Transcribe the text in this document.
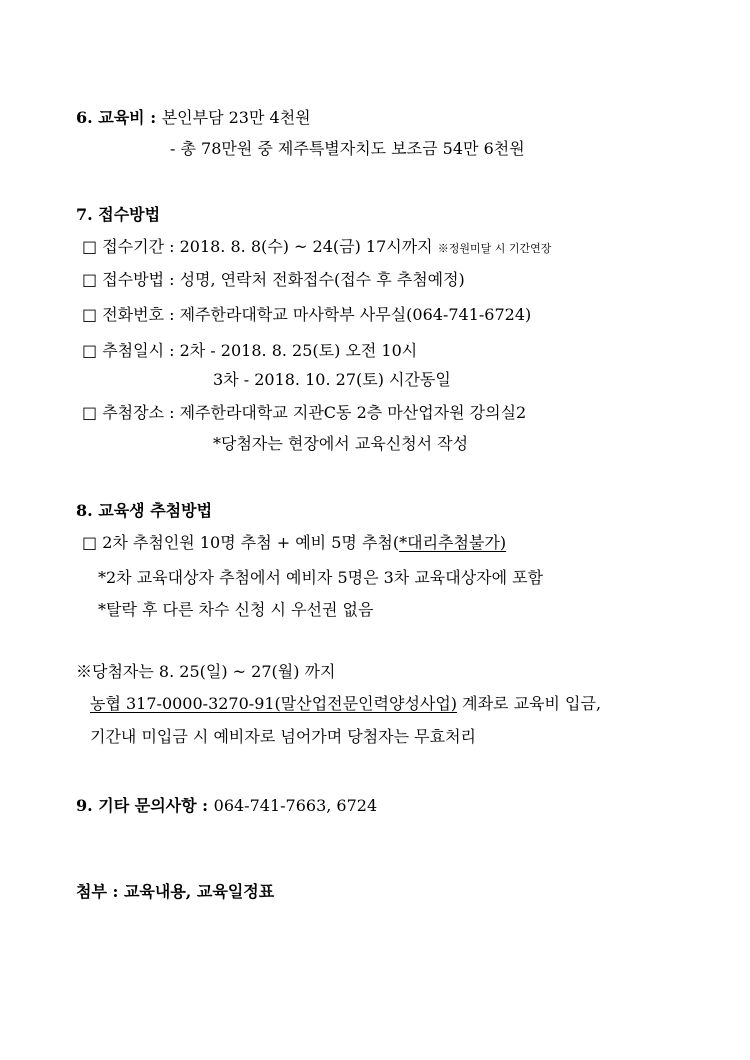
6. 교육비 : 본인부담 23만 4천원
- 총 78만원 중 제주특별자치도 보조금 54만 6천원
7. 접수방법
□ 접수기간 : 2018. 8. 8(수) ~ 24(금) 17시까지 ※정원미달 시 기간연장
□ 접수방법 : 성명, 연락처 전화접수(접수 후 추첨예정)
□ 전화번호 : 제주한라대학교 마사학부 사무실(064-741-6724)
□ 추첨일시 : 2차 - 2018. 8. 25(토) 오전 10시
3차 - 2018. 10. 27(토) 시간동일
□ 추첨장소 : 제주한라대학교 지관C동 2층 마산업자원 강의실2
*당첨자는 현장에서 교육신청서 작성
8. 교육생 추첨방법
□ 2차 추첨인원 10명 추첨 + 예비 5명 추첨(*대리추첨불가)
*2차 교육대상자 추첨에서 예비자 5명은 3차 교육대상자에 포함
*탈락 후 다른 차수 신청 시 우선권 없음
※당첨자는 8. 25(일) ~ 27(월) 까지
농협 317-0000-3270-91(말산업전문인력양성사업) 계좌로 교육비 입금,
기간내 미입금 시 예비자로 넘어가며 당첨자는 무효처리
9. 기타 문의사항 : 064-741-7663, 6724
첨부 : 교육내용, 교육일정표
